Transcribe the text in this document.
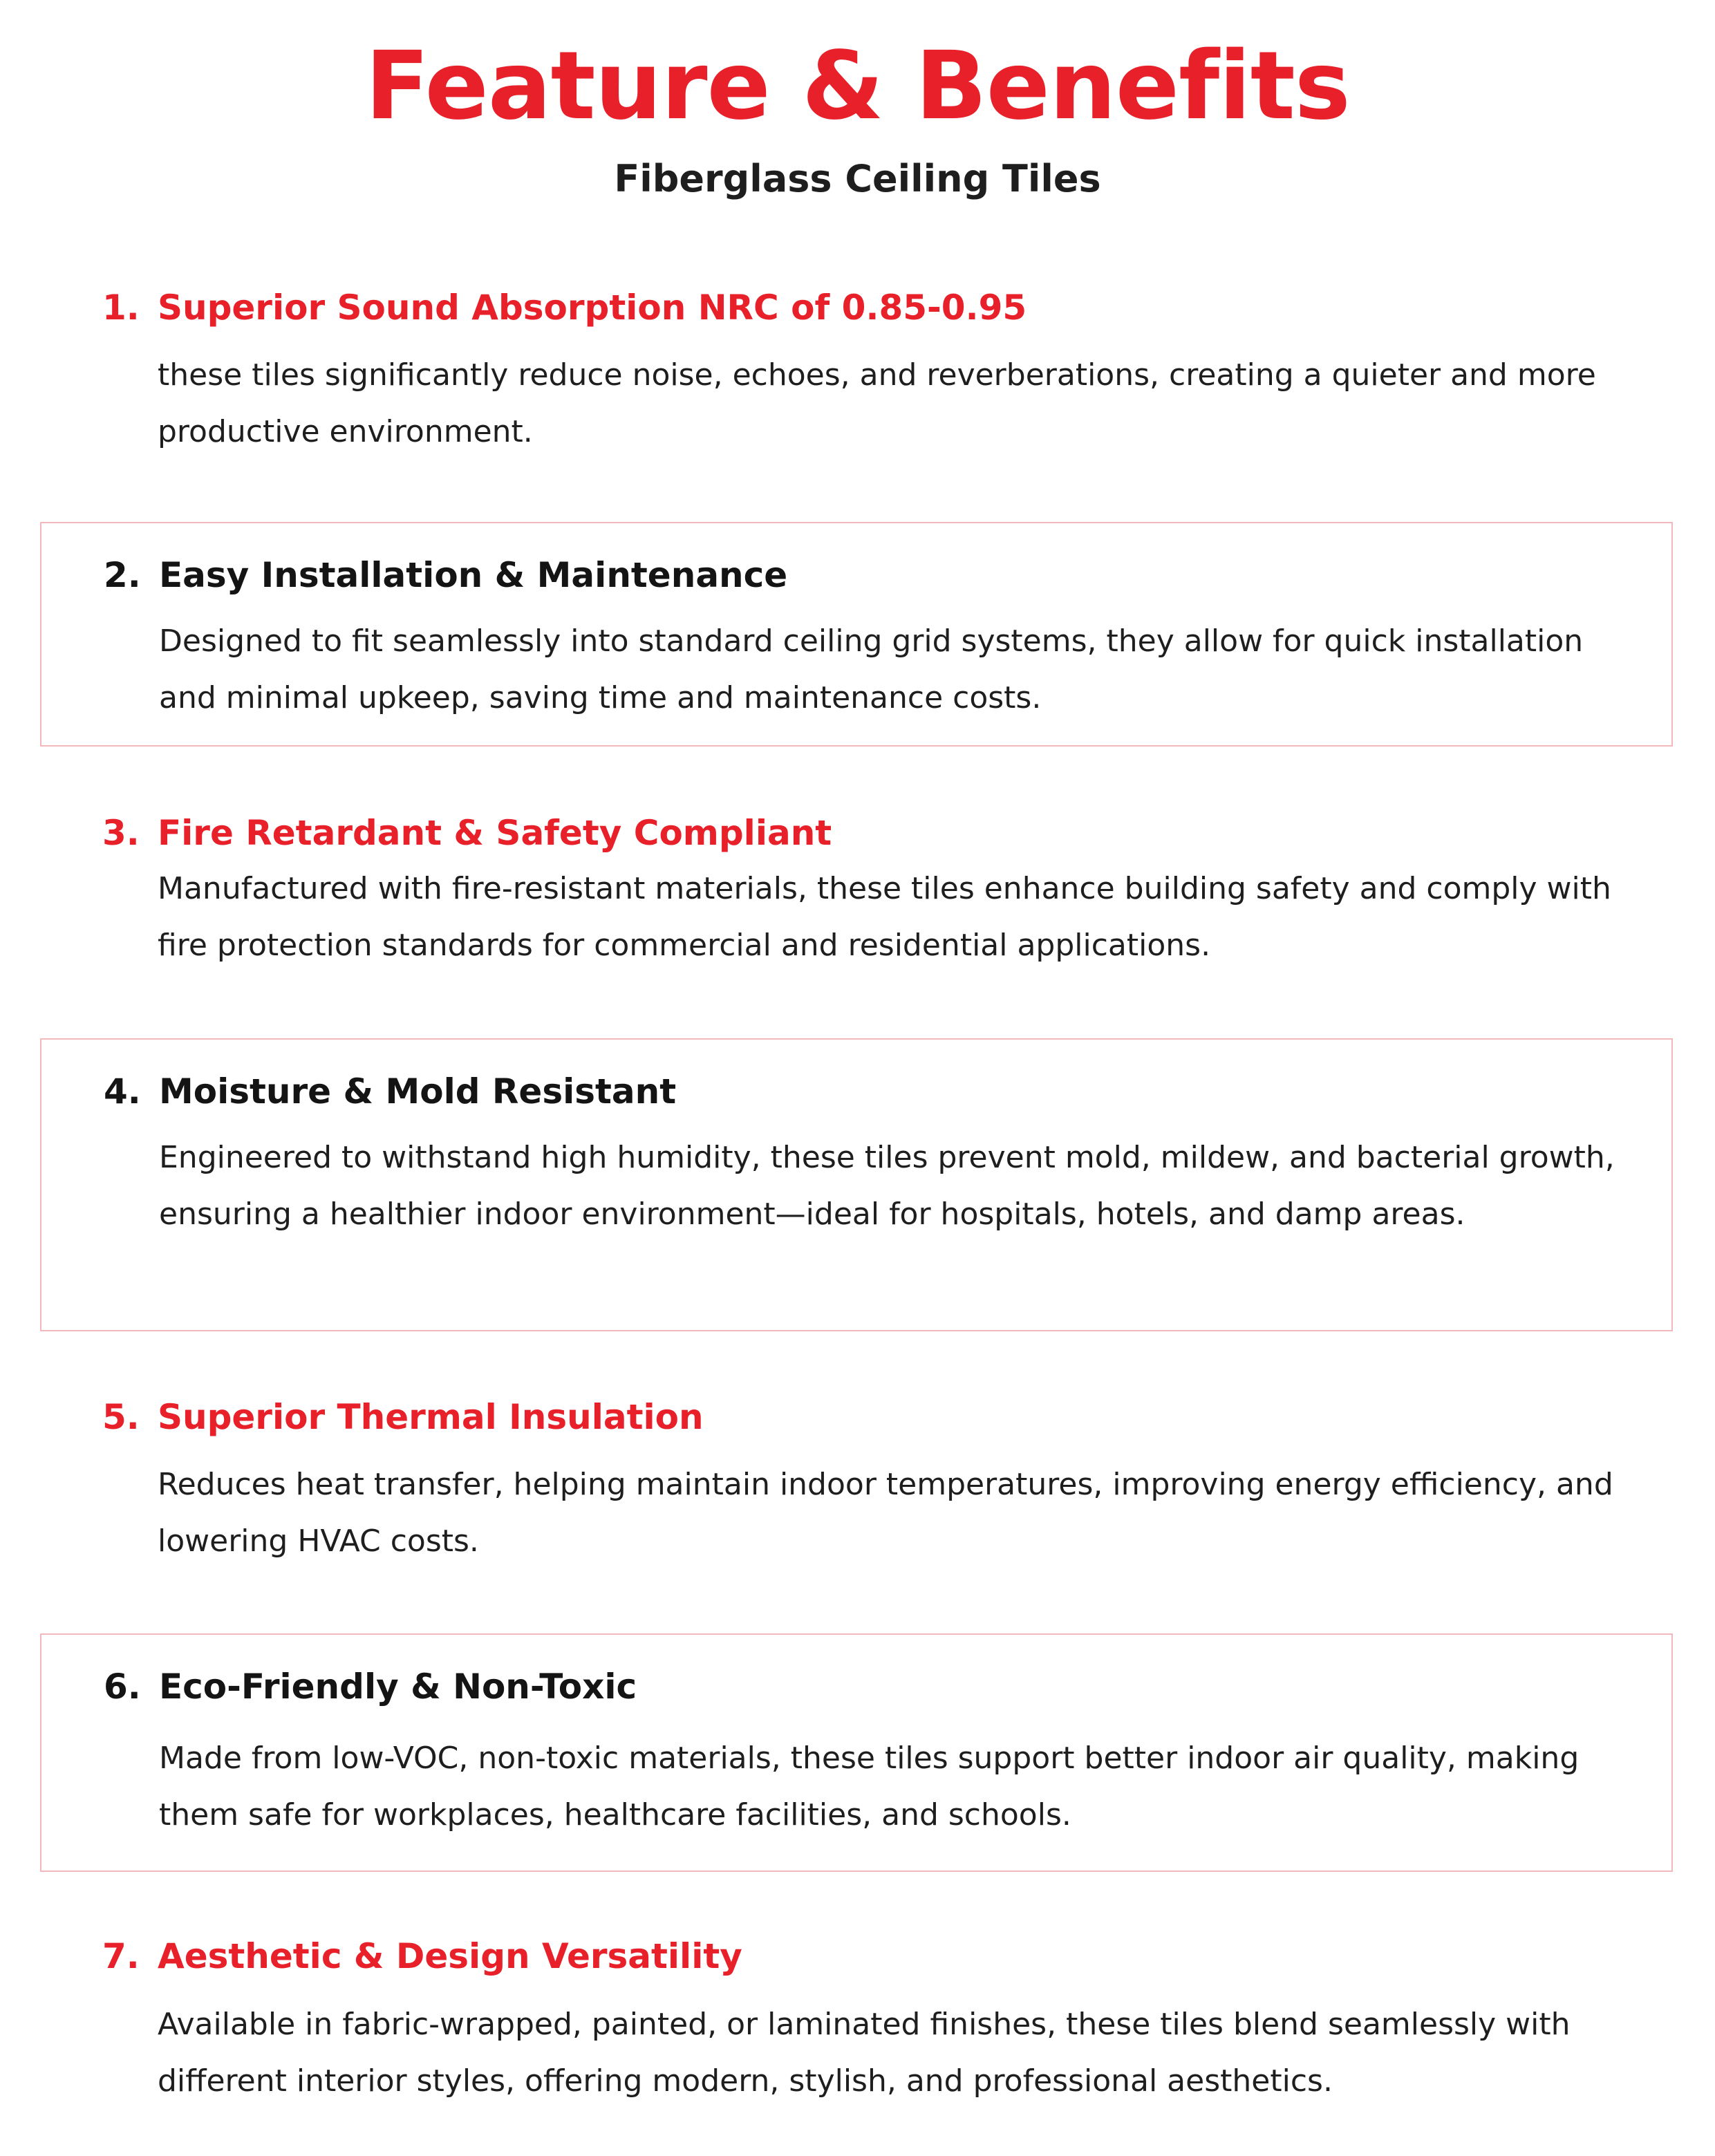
Feature & Benefits
Fiberglass Ceiling Tiles
1. Superior Sound Absorption NRC of 0.85-0.95

these tiles significantly reduce noise, echoes, and reverberations, creating a quieter and more productive environment.

2. Easy Installation & Maintenance

Designed to fit seamlessly into standard ceiling grid systems, they allow for quick installation and minimal upkeep, saving time and maintenance costs.

3. Fire Retardant & Safety Compliant

Manufactured with fire-resistant materials, these tiles enhance building safety and comply with fire protection standards for commercial and residential applications.

4. Moisture & Mold Resistant

Engineered to withstand high humidity, these tiles prevent mold, mildew, and bacterial growth, ensuring a healthier indoor environment—ideal for hospitals, hotels, and damp areas.

5. Superior Thermal Insulation

Reduces heat transfer, helping maintain indoor temperatures, improving energy efficiency, and lowering HVAC costs.

6. Eco-Friendly & Non-Toxic

Made from low-VOC, non-toxic materials, these tiles support better indoor air quality, making them safe for workplaces, healthcare facilities, and schools.

7. Aesthetic & Design Versatility

Available in fabric-wrapped, painted, or laminated finishes, these tiles blend seamlessly with different interior styles, offering modern, stylish, and professional aesthetics.
